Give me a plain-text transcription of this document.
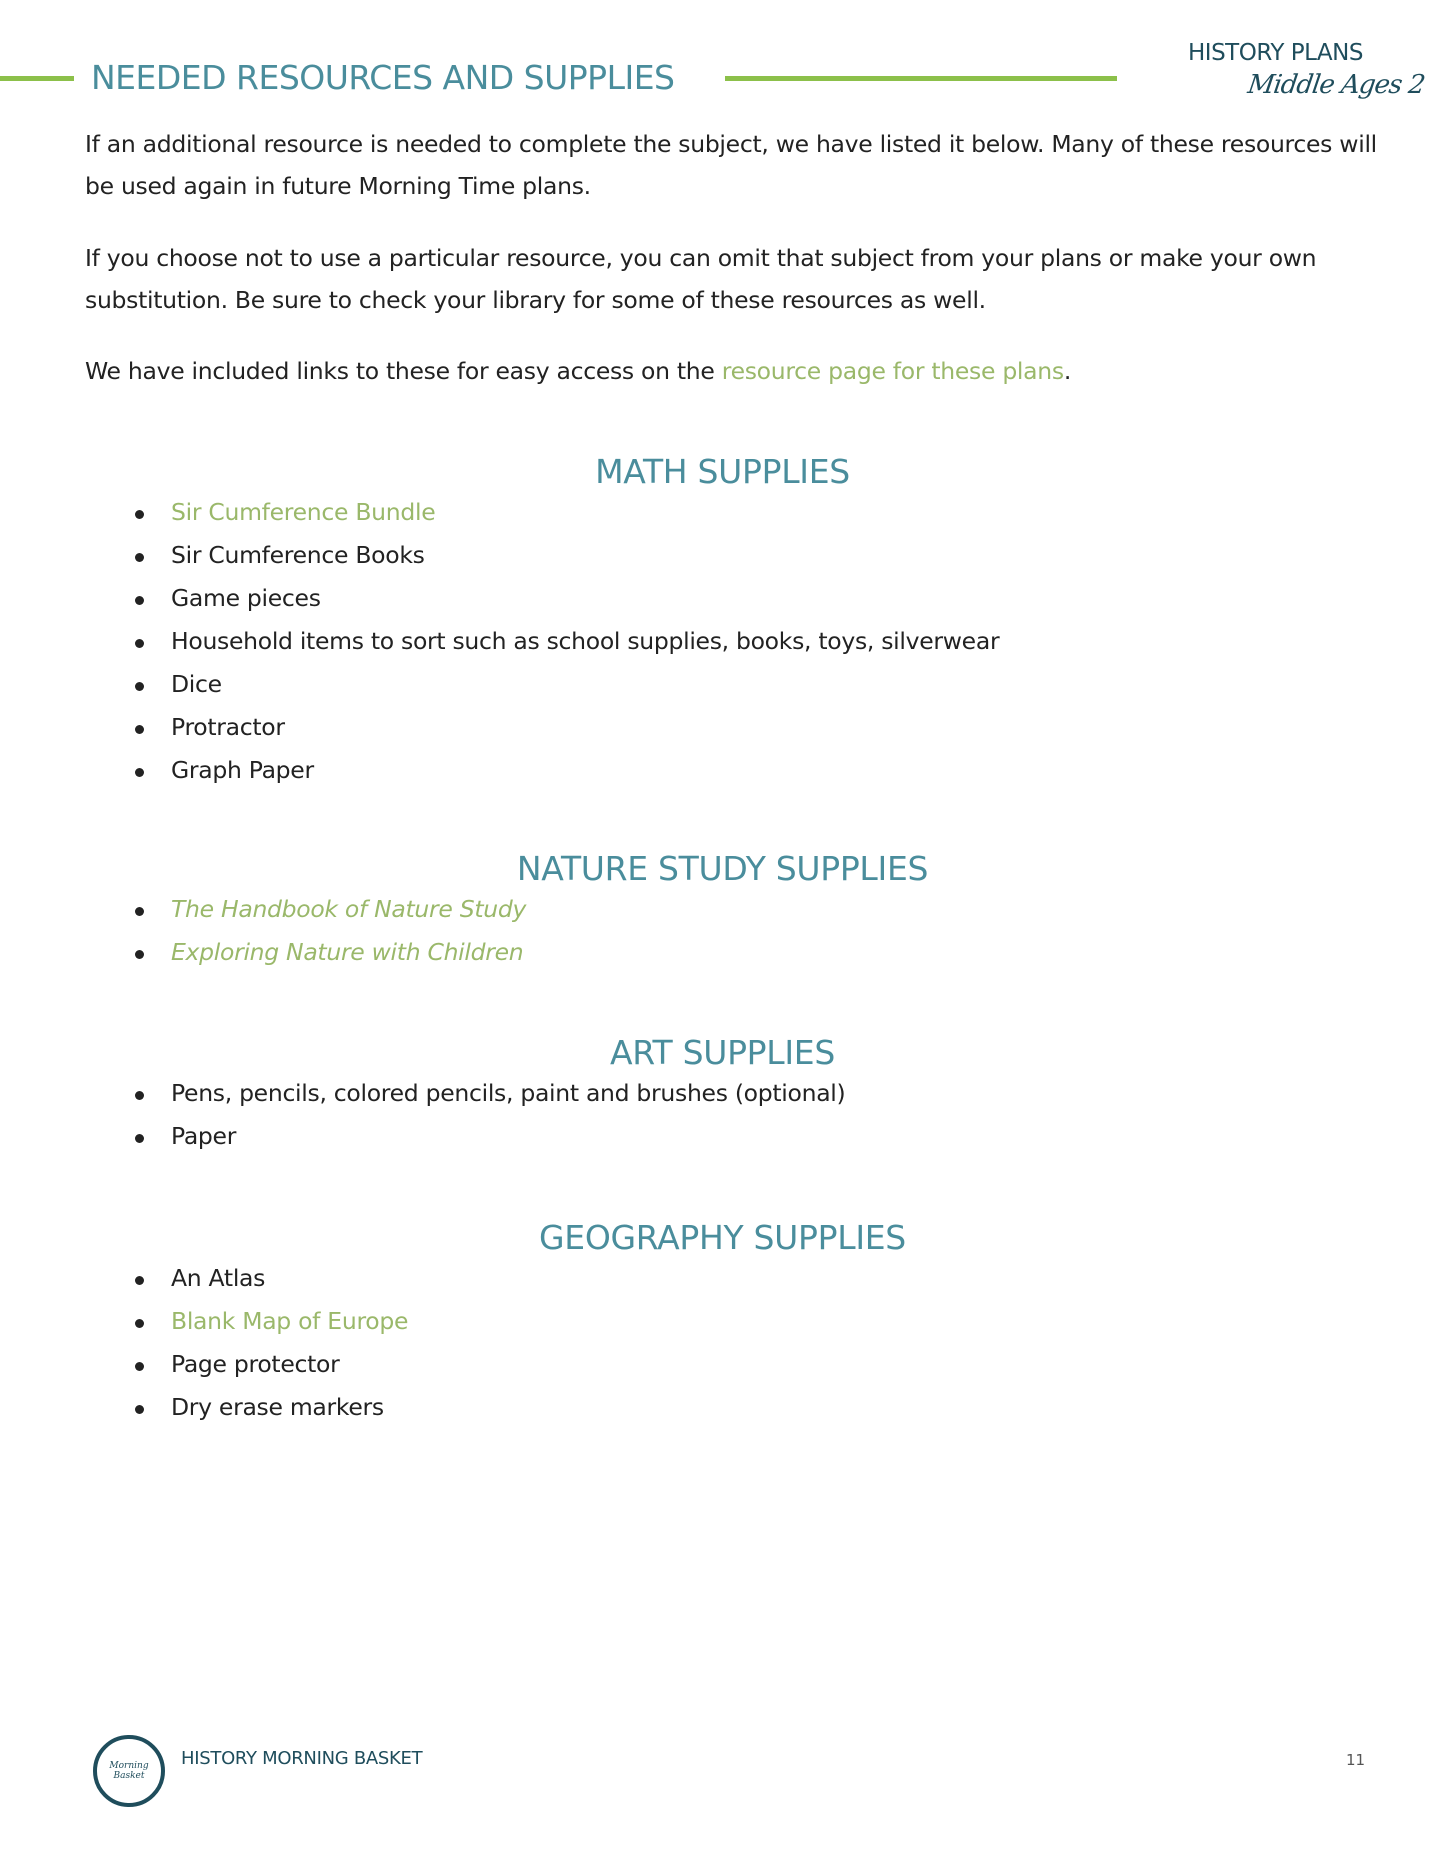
NEEDED RESOURCES AND SUPPLIES
HISTORY PLANS
Middle Ages 2
If an additional resource is needed to complete the subject, we have listed it below. Many of these resources will be used again in future Morning Time plans.
If you choose not to use a particular resource, you can omit that subject from your plans or make your own substitution. Be sure to check your library for some of these resources as well.
We have included links to these for easy access on the resource page for these plans.
MATH SUPPLIES
Sir Cumference Bundle
Sir Cumference Books
Game pieces
Household items to sort such as school supplies, books, toys, silverwear
Dice
Protractor
Graph Paper
NATURE STUDY SUPPLIES
The Handbook of Nature Study
Exploring Nature with Children
ART SUPPLIES
Pens, pencils, colored pencils, paint and brushes (optional)
Paper
GEOGRAPHY SUPPLIES
An Atlas
Blank Map of Europe
Page protector
Dry erase markers
Morning Basket
HISTORY MORNING BASKET	11
